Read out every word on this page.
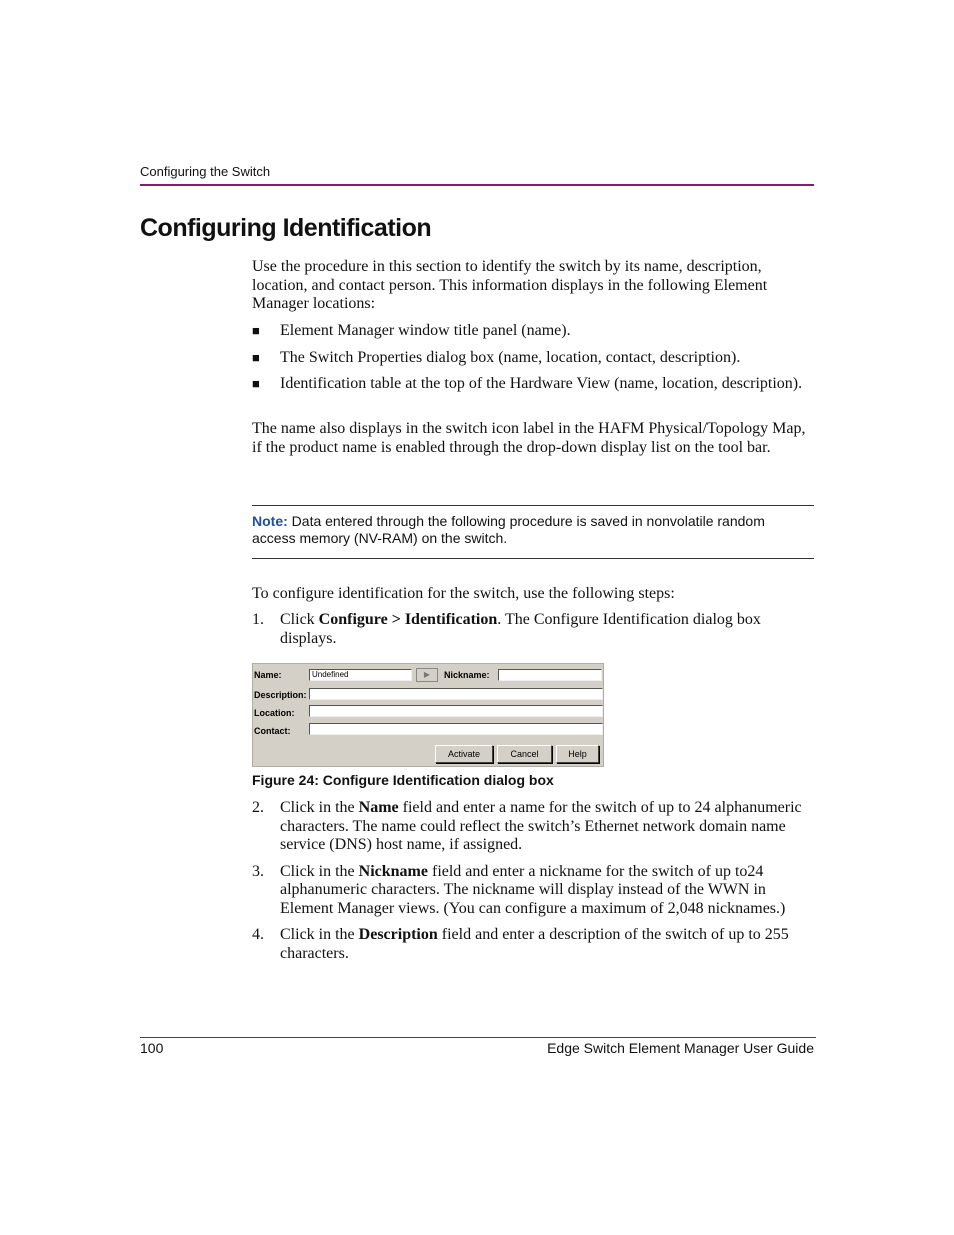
Configuring the Switch
Configuring Identification

Use the procedure in this section to identify the switch by its name, description, location, and contact person. This information displays in the following Element Manager locations:

■ Element Manager window title panel (name).
■ The Switch Properties dialog box (name, location, contact, description).
■ Identification table at the top of the Hardware View (name, location, description).

The name also displays in the switch icon label in the HAFM Physical/Topology Map, if the product name is enabled through the drop-down display list on the tool bar.

Note: Data entered through the following procedure is saved in nonvolatile random access memory (NV-RAM) on the switch.

To configure identification for the switch, use the following steps:

1. Click Configure > Identification. The Configure Identification dialog box displays.
Name:	Undefined	▶	Nickname:
Description:
Location:
Contact:
Activate	Cancel	Help
Figure 24: Configure Identification dialog box
2. Click in the Name field and enter a name for the switch of up to 24 alphanumeric characters. The name could reflect the switch’s Ethernet network domain name service (DNS) host name, if assigned.
3. Click in the Nickname field and enter a nickname for the switch of up to24 alphanumeric characters. The nickname will display instead of the WWN in Element Manager views. (You can configure a maximum of 2,048 nicknames.)
4. Click in the Description field and enter a description of the switch of up to 255 characters.
100	Edge Switch Element Manager User Guide
